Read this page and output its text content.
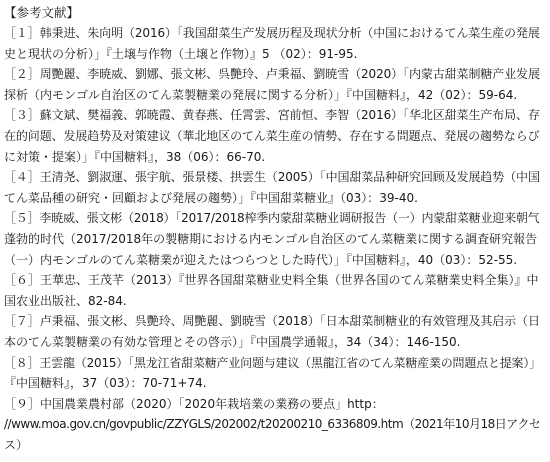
【参考文献】
［１］韩秉进、朱向明（2016）「我国甜菜生产发展历程及现状分析（中国におけるてん菜生産の発展
史と現状の分析）」『土壌与作物（土壌と作物）』5 （02）：91-95.
［２］周艷麗、李暁威、劉娜、張文彬、呉艷玲、卢秉福、劉暁雪（2020）「内蒙古甜菜制糖产业发展
探析（内モンゴル自治区のてん菜製糖業の発展に関する分析）」『中国糖料』，42（02）：59-64.
［３］蘇文斌、樊福義、郭暁霞、黄春燕、任霄雲、宮前恒、李智（2016）「华北区甜菜生产布局、存
在的问题、发展趋势及对策建议（華北地区のてん菜生産の情勢、存在する問題点、発展の趨勢ならび
に対策・提案）」『中国糖料』，38（06）：66-70.
［４］王清尧、劉淑運、張宇航、張景楼、拱雲生（2005）「中国甜菜品种研究回顾及发展趋势（中国
てん菜品種の研究・回顧および発展の趨勢）」『中国甜菜糖业』（03）：39-40.
［５］李暁威、張文彬（2018）「2017/2018榨季内蒙甜菜糖业调研报告（一）内蒙甜菜糖业迎来朝气
蓬勃的时代（2017/2018年の製糖期における内モンゴル自治区のてん菜糖業に関する調査研究報告
（一）内モンゴルのてん菜糖業が迎えたはつらつとした時代）」『中国糖料』，40（03）：52-55.
［６］王華忠、王茂芊（2013）『世界各国甜菜糖业史料全集（世界各国のてん菜糖業史料全集）』中
国农业出版社、82-84.
［７］卢秉福、張文彬、呉艷玲、周艷麗、劉暁雪（2018）「日本甜菜制糖业的有效管理及其启示（日
本のてん菜製糖業の有効な管理とその啓示）」『中国農学通報』，34（34）：146-150.
［８］王雲龍（2015）「黑龙江省甜菜糖产业问题与建议（黒龍江省のてん菜糖産業の問題点と提案）」
『中国糖料』，37（03）：70-71+74.
［９］中国農業農村部（2020）「2020年栽培業の業務の要点」http：
//www.moa.gov.cn/govpublic/ZZYGLS/202002/t20200210_6336809.htm（2021年10月18日アクセ
ス）
